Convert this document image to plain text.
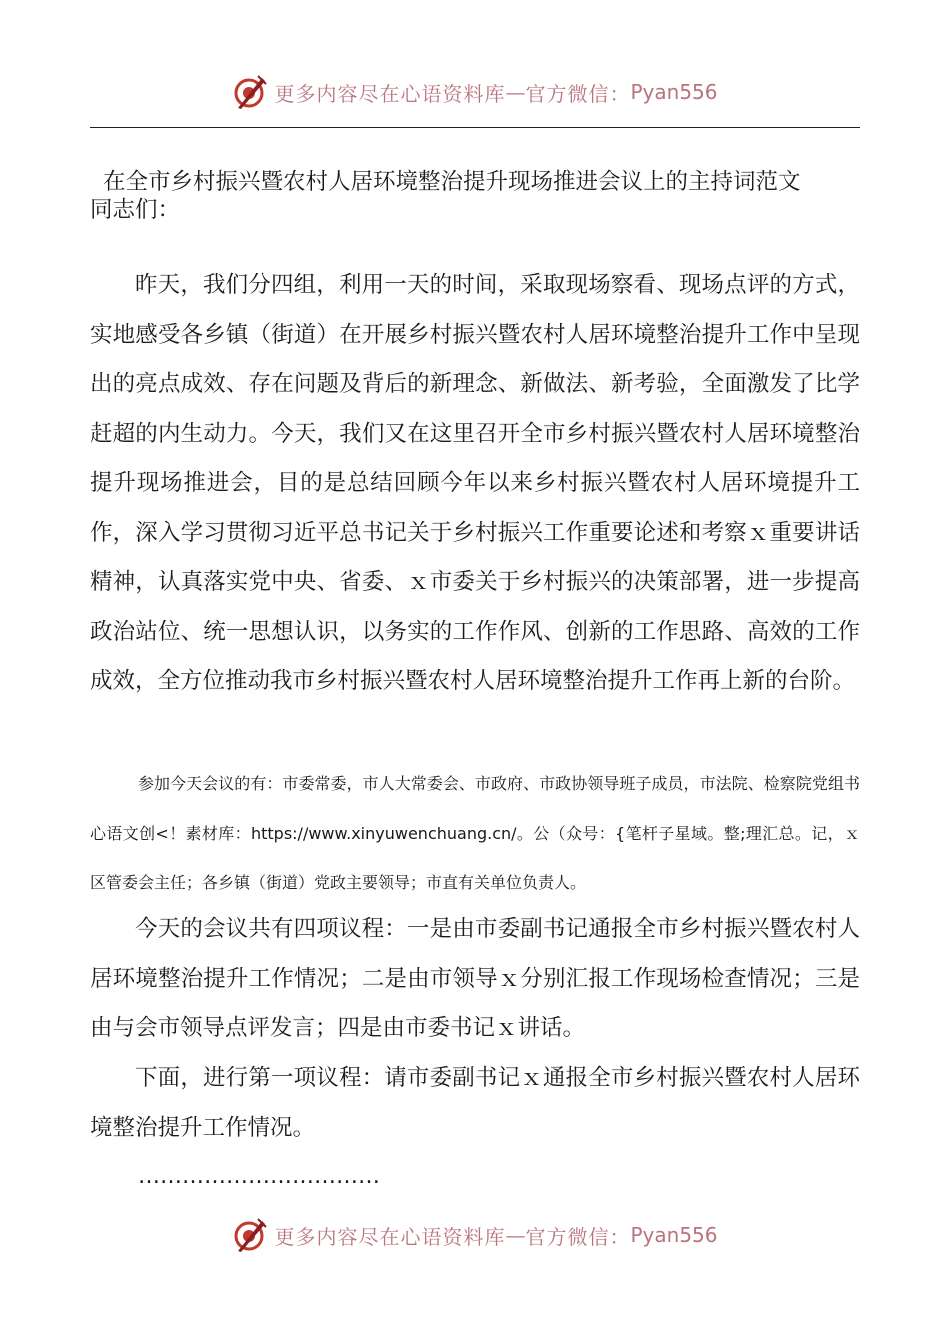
更多内容尽在心语资料库 — 官方微信： Pyan556
在全市乡村振兴暨农村人居环境整治提升现场推进会议上的主持词范文
同志们：

昨天，我们分四组，利用一天的时间，采取现场察看、现场点评的方式，实地感受各乡镇（街道）在开展乡村振兴暨农村人居环境整治提升工作中呈现出的亮点成效、存在问题及背后的新理念、新做法、新考验，全面激发了比学赶超的内生动力。今天，我们又在这里召开全市乡村振兴暨农村人居环境整治提升现场推进会，目的是总结回顾今年以来乡村振兴暨农村人居环境提升工作，深入学习贯彻习近平总书记关于乡村振兴工作重要论述和考察ｘ重要讲话精神，认真落实党中央、省委、ｘ市委关于乡村振兴的决策部署，进一步提高政治站位、统一思想认识，以务实的工作作风、创新的工作思路、高效的工作成效，全方位推动我市乡村振兴暨农村人居环境整治提升工作再上新的台阶。

参加今天会议的有：市委常委，市人大常委会、市政府、市政协领导班子成员，市法院、检察院党组书心语文创<！素材库：https://www.xinyuwenchuang.cn/。公（众号：{笔杆子星域。整;理汇总。记，ｘ区管委会主任；各乡镇（街道）党政主要领导；市直有关单位负责人。

今天的会议共有四项议程：一是由市委副书记通报全市乡村振兴暨农村人居环境整治提升工作情况；二是由市领导ｘ分别汇报工作现场检查情况；三是由与会市领导点评发言；四是由市委书记ｘ讲话。

下面，进行第一项议程：请市委副书记ｘ通报全市乡村振兴暨农村人居环境整治提升工作情况。

……………………………
更多内容尽在心语资料库 — 官方微信： Pyan556
